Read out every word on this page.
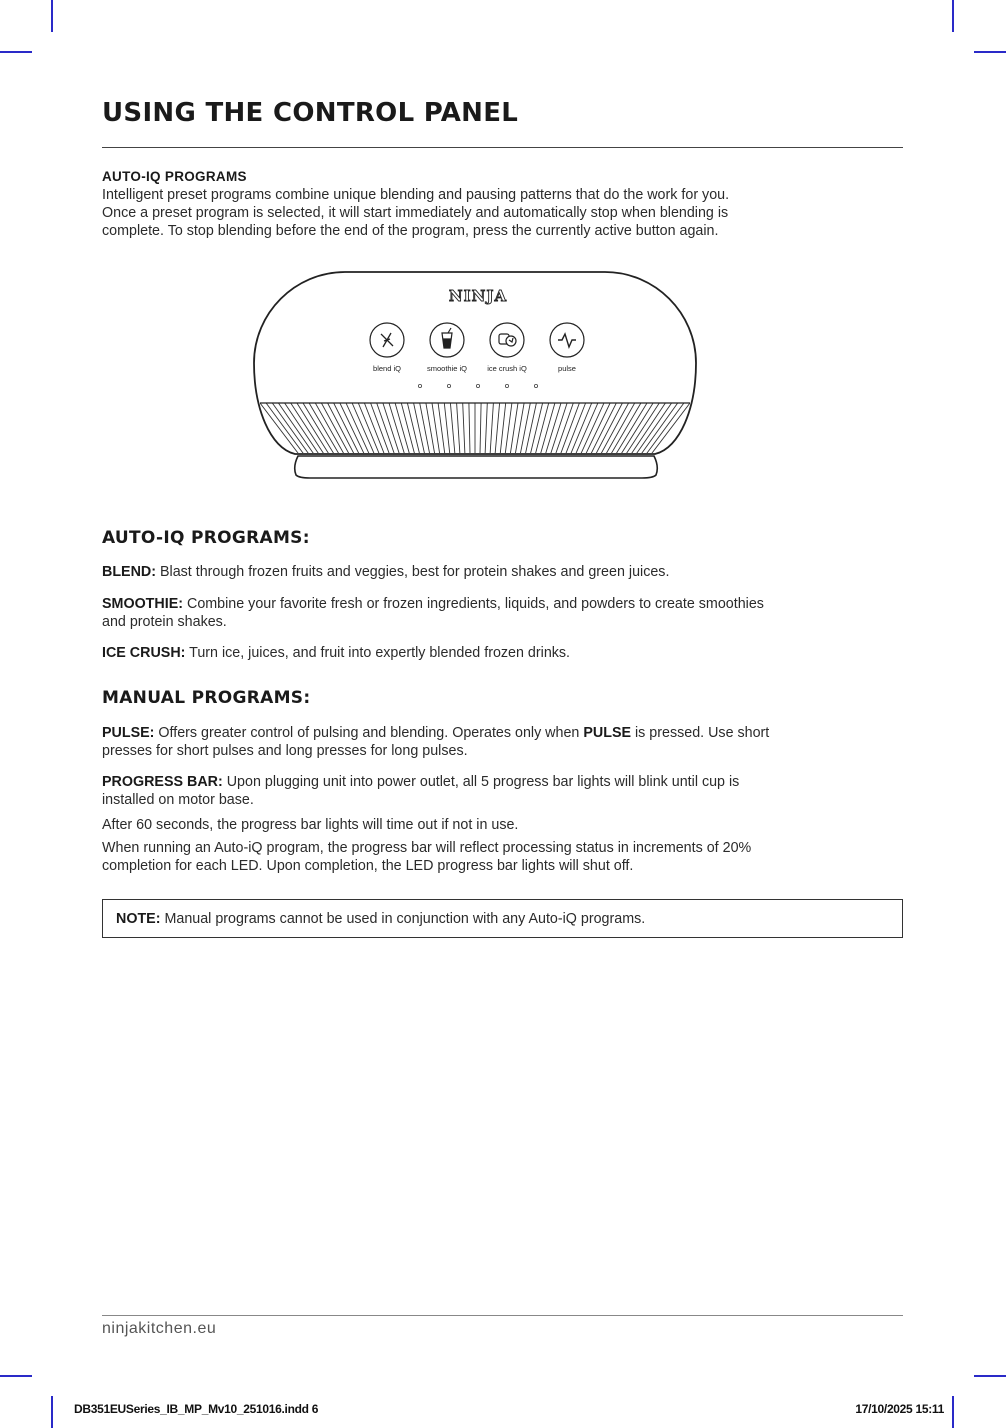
USING THE CONTROL PANEL
AUTO-IQ PROGRAMS
Intelligent preset programs combine unique blending and pausing patterns that do the work for you.
Once a preset program is selected, it will start immediately and automatically stop when blending is
complete. To stop blending before the end of the program, press the currently active button again.
NINJA
blend iQ	smoothie iQ	ice crush iQ	pulse
AUTO-IQ PROGRAMS:

BLEND: Blast through frozen fruits and veggies, best for protein shakes and green juices.

SMOOTHIE: Combine your favorite fresh or frozen ingredients, liquids, and powders to create smoothies
and protein shakes.

ICE CRUSH: Turn ice, juices, and fruit into expertly blended frozen drinks.

MANUAL PROGRAMS:
PULSE: Offers greater control of pulsing and blending. Operates only when PULSE is pressed. Use short
presses for short pulses and long presses for long pulses.
PROGRESS BAR: Upon plugging unit into power outlet, all 5 progress bar lights will blink until cup is
installed on motor base.

After 60 seconds, the progress bar lights will time out if not in use.

When running an Auto-iQ program, the progress bar will reflect processing status in increments of 20%
completion for each LED. Upon completion, the LED progress bar lights will shut off.

NOTE: Manual programs cannot be used in conjunction with any Auto-iQ programs.

ninjakitchen.eu
DB351EUSeries_IB_MP_Mv10_251016.indd 6	17/10/2025 15:11
